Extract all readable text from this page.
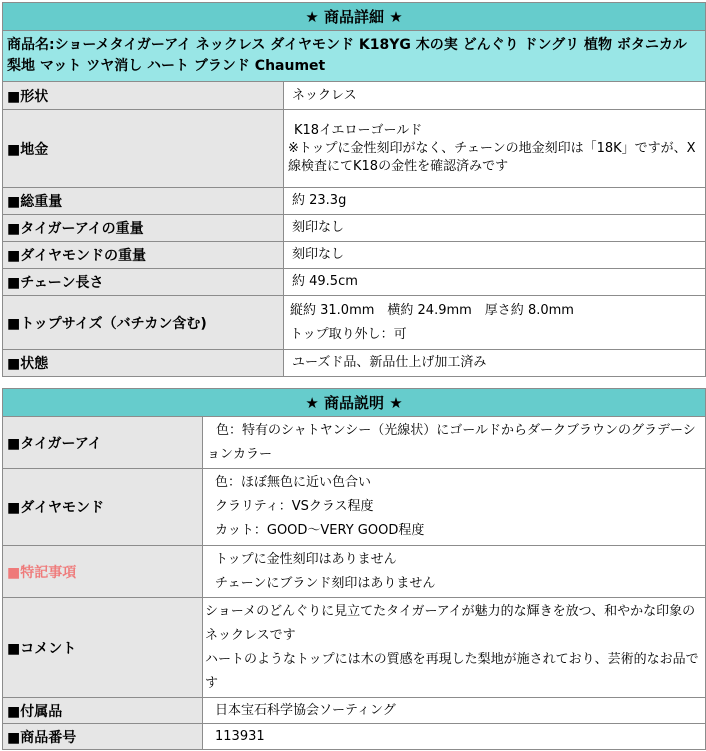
★ 商品詳細 ★	
商品名:ショーメタイガーアイ ネックレス ダイヤモンド K18YG 木の実 どんぐり ドングリ 植物 ボタニカル 梨地 マット ツヤ消し ハート ブランド Chaumet	
■形状	ネックレス

■地金	K18イエローゴールド
※トップに金性刻印がなく、チェーンの地金刻印は「18K」ですが、X線検査にてK18の金性を確認済みです

■総重量	約 23.3g

■タイガーアイの重量	刻印なし

■ダイヤモンドの重量	刻印なし

■チェーン長さ	約 49.5cm

■トップサイズ（バチカン含む)	縦約 31.0mm　横約 24.9mm　厚さ約 8.0mm
トップ取り外し：可

■状態	ユーズド品、新品仕上げ加工済み
★ 商品説明 ★	
■タイガーアイ	色：特有のシャトヤンシー（光線状）にゴールドからダークブラウンのグラデーションカラー

■ダイヤモンド	色：ほぼ無色に近い色合い
クラリティ：VSクラス程度
カット：GOOD～VERY GOOD程度

■特記事項	トップに金性刻印はありません
チェーンにブランド刻印はありません

■コメント	ショーメのどんぐりに見立てたタイガーアイが魅力的な輝きを放つ、和やかな印象のネックレスです
ハートのようなトップには木の質感を再現した梨地が施されており、芸術的なお品です

■付属品	日本宝石科学協会ソーティング

■商品番号	113931
